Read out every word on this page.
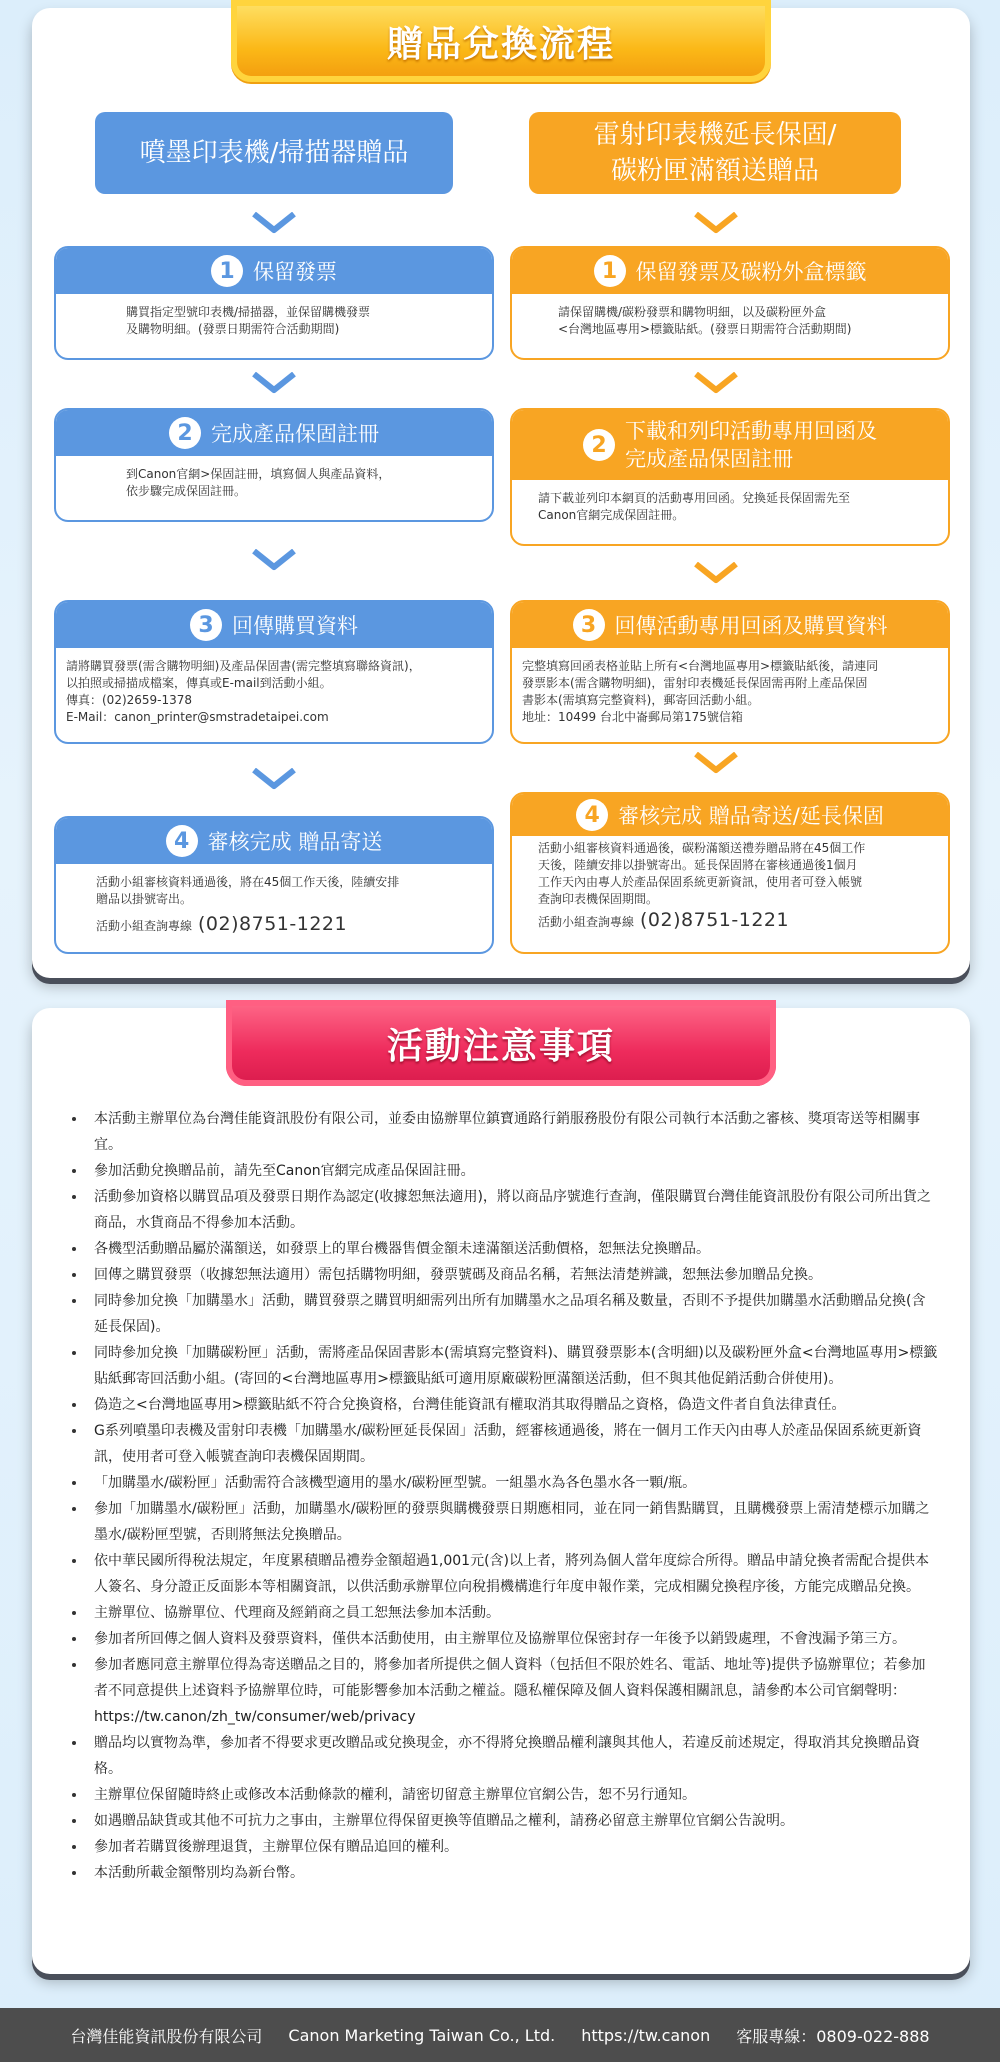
贈品兌換流程
噴墨印表機/掃描器贈品
雷射印表機延長保固/
碳粉匣滿額送贈品
1 保留發票
購買指定型號印表機/掃描器，並保留購機發票
及購物明細。(發票日期需符合活動期間)
1 保留發票及碳粉外盒標籤
請保留購機/碳粉發票和購物明細，以及碳粉匣外盒
<台灣地區專用>標籤貼紙。(發票日期需符合活動期間)
2 完成產品保固註冊
到Canon官網>保固註冊，填寫個人與產品資料，
依步驟完成保固註冊。
2
下載和列印活動專用回函及
完成產品保固註冊
請下載並列印本網頁的活動專用回函。兌換延長保固需先至
Canon官網完成保固註冊。
3 回傳購買資料
請將購買發票(需含購物明細)及產品保固書(需完整填寫聯絡資訊)，
以拍照或掃描成檔案，傳真或E-mail到活動小組。
傳真：(02)2659-1378
E-Mail：canon_printer@smstradetaipei.com
3 回傳活動專用回函及購買資料
完整填寫回函表格並貼上所有<台灣地區專用>標籤貼紙後，請連同
發票影本(需含購物明細)，雷射印表機延長保固需再附上產品保固
書影本(需填寫完整資料)，郵寄回活動小組。
地址：10499 台北中崙郵局第175號信箱
4 審核完成 贈品寄送
活動小組審核資料通過後，將在45個工作天後，陸續安排
贈品以掛號寄出。
活動小組查詢專線 (02)8751-1221
4 審核完成 贈品寄送/延長保固
活動小組審核資料通過後，碳粉滿額送禮券贈品將在45個工作
天後，陸續安排以掛號寄出。延長保固將在審核通過後1個月
工作天內由專人於產品保固系統更新資訊，使用者可登入帳號
查詢印表機保固期間。
活動小組查詢專線 (02)8751-1221
活動注意事項
本活動主辦單位為台灣佳能資訊股份有限公司，並委由協辦單位鎮寶通路行銷服務股份有限公司執行本活動之審核、獎項寄送等相關事宜。
參加活動兌換贈品前，請先至Canon官網完成產品保固註冊。
活動參加資格以購買品項及發票日期作為認定(收據恕無法適用)，將以商品序號進行查詢，僅限購買台灣佳能資訊股份有限公司所出貨之商品，水貨商品不得參加本活動。
各機型活動贈品屬於滿額送，如發票上的單台機器售價金額未達滿額送活動價格，恕無法兌換贈品。
回傳之購買發票（收據恕無法適用）需包括購物明細，發票號碼及商品名稱，若無法清楚辨識，恕無法參加贈品兌換。
同時參加兌換「加購墨水」活動，購買發票之購買明細需列出所有加購墨水之品項名稱及數量，否則不予提供加購墨水活動贈品兌換(含延長保固)。
同時參加兌換「加購碳粉匣」活動，需將產品保固書影本(需填寫完整資料)、購買發票影本(含明細)以及碳粉匣外盒<台灣地區專用>標籤貼紙郵寄回活動小組。(寄回的<台灣地區專用>標籤貼紙可適用原廠碳粉匣滿額送活動，但不與其他促銷活動合併使用)。
偽造之<台灣地區專用>標籤貼紙不符合兌換資格，台灣佳能資訊有權取消其取得贈品之資格，偽造文件者自負法律責任。
G系列噴墨印表機及雷射印表機「加購墨水/碳粉匣延長保固」活動，經審核通過後，將在一個月工作天內由專人於產品保固系統更新資訊，使用者可登入帳號查詢印表機保固期間。
「加購墨水/碳粉匣」活動需符合該機型適用的墨水/碳粉匣型號。一組墨水為各色墨水各一顆/瓶。
參加「加購墨水/碳粉匣」活動，加購墨水/碳粉匣的發票與購機發票日期應相同，並在同一銷售點購買，且購機發票上需清楚標示加購之墨水/碳粉匣型號，否則將無法兌換贈品。
依中華民國所得稅法規定，年度累積贈品禮券金額超過1,001元(含)以上者，將列為個人當年度綜合所得。贈品申請兌換者需配合提供本人簽名、身分證正反面影本等相關資訊，以供活動承辦單位向稅捐機構進行年度申報作業，完成相關兌換程序後，方能完成贈品兌換。
主辦單位、協辦單位、代理商及經銷商之員工恕無法參加本活動。
參加者所回傳之個人資料及發票資料，僅供本活動使用，由主辦單位及協辦單位保密封存一年後予以銷毀處理，不會洩漏予第三方。
參加者應同意主辦單位得為寄送贈品之目的，將參加者所提供之個人資料（包括但不限於姓名、電話、地址等)提供予協辦單位；若參加者不同意提供上述資料予協辦單位時，可能影響參加本活動之權益。隱私權保障及個人資料保護相關訊息，請參酌本公司官網聲明：https://tw.canon/zh_tw/consumer/web/privacy
贈品均以實物為準，參加者不得要求更改贈品或兌換現金，亦不得將兌換贈品權利讓與其他人，若違反前述規定，得取消其兌換贈品資格。
主辦單位保留隨時終止或修改本活動條款的權利，請密切留意主辦單位官網公告，恕不另行通知。
如遇贈品缺貨或其他不可抗力之事由，主辦單位得保留更換等值贈品之權利，請務必留意主辦單位官網公告說明。
參加者若購買後辦理退貨，主辦單位保有贈品追回的權利。
本活動所載金額幣別均為新台幣。
台灣佳能資訊股份有限公司 Canon Marketing Taiwan Co., Ltd. https://tw.canon 客服專線：0809-022-888
